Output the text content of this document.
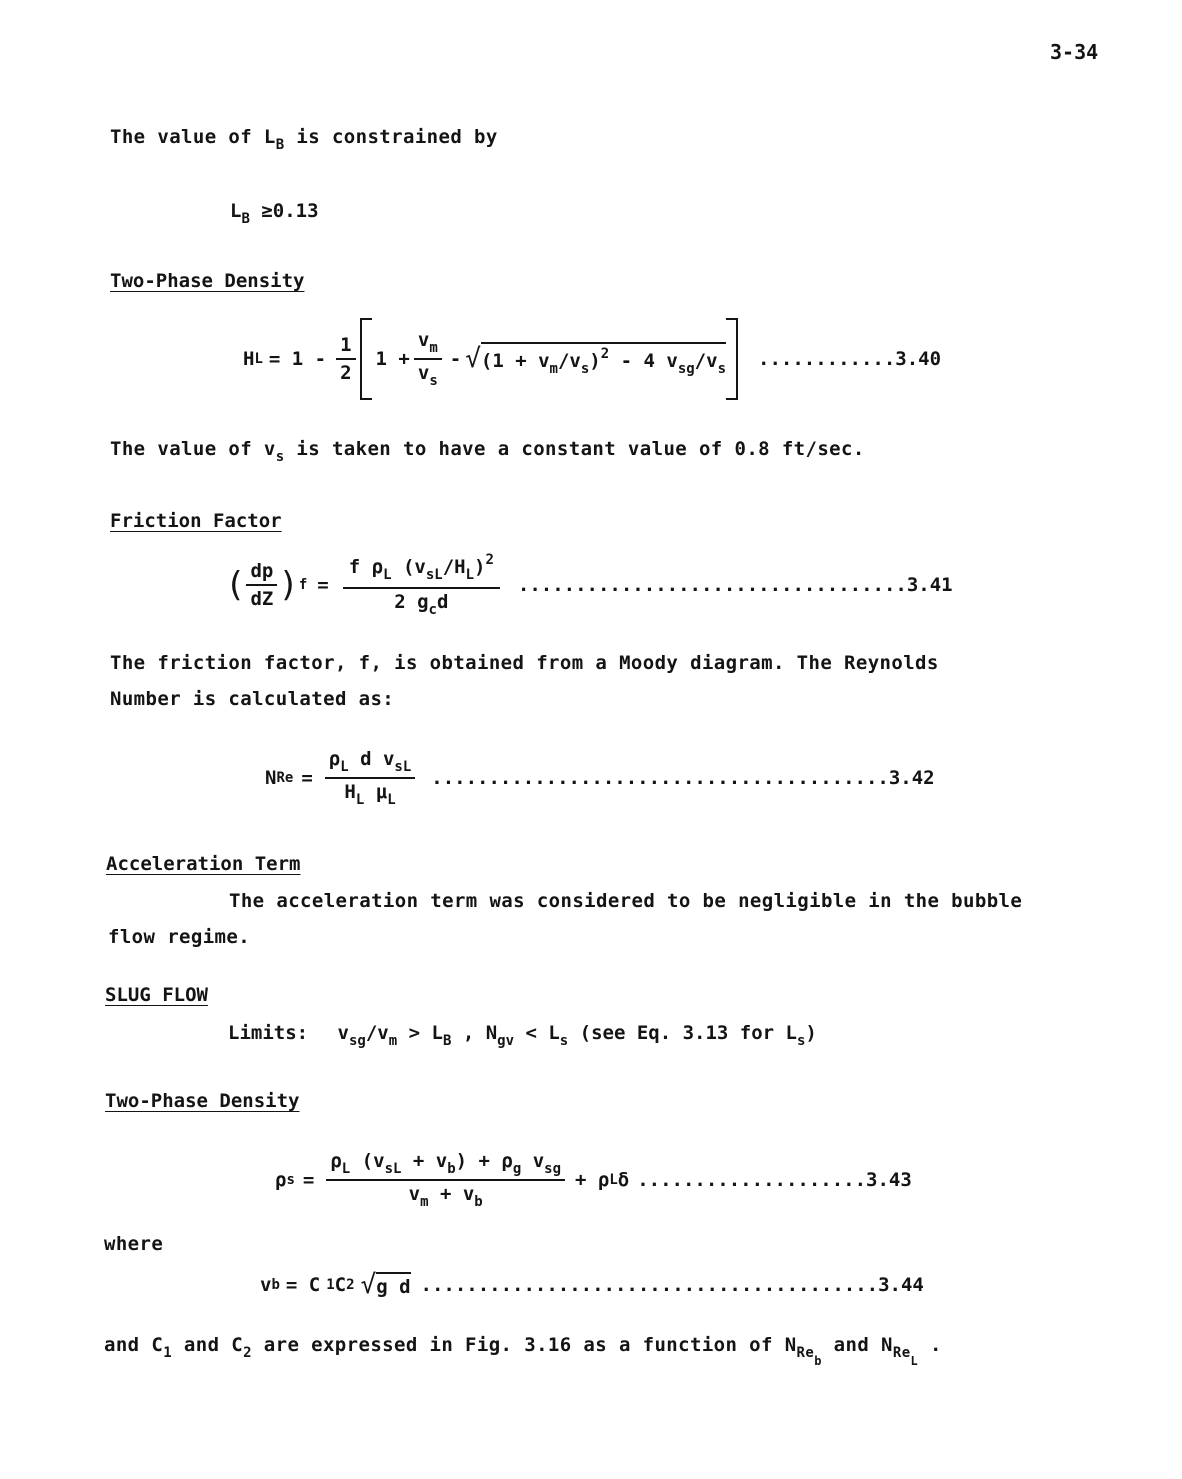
3-34
The value of $L_B$ is constrained by
$L_B \ge 0.13$
Two-Phase Density
H $L = 1 - \frac{1}{2} 1 + \frac{v_m}{v_s}$ - √ $(1 + v_m/v_s)^2 - 4$ $v_{sg}/v_s$ ............ 3.40
The value of $v_s$ is taken to have a constant value of 0.8 ft/sec.
Friction Factor
( $\frac{dp}{dZ}$ ) $f = \frac{f \rho_L (v_{sL}/H_L)^2}{2 g_cd}$ .................................. 3.41
The friction factor, f, is obtained from a Moody diagram. The Reynolds
Number is calculated as:
N $Re = \frac{\rho_L d v_{sL}}{H_L \mu_L}$ ........................................ 3.42
Acceleration Term
The acceleration term was considered to be negligible in the bubble
flow regime.
SLUG FLOW
Limits: $v_{sg}/v_m > L_B$ , $N_{gv} < L_s$ (see Eq. 3.13 for $L_s$)
Two-Phase Density
ρ $s = \frac{\rho_L (v_{sL} + v_b) + \rho_g v_{sg}}{v_m + v_b} + \rho$ L δ .................... 3.43
where
v b = C 1 C 2 √ g d ........................................ 3.44
and $C_1$ and $C_2$ are expressed in Fig. 3.16 as a function of $N_{Reb}$ and $N_{ReL}$ .
